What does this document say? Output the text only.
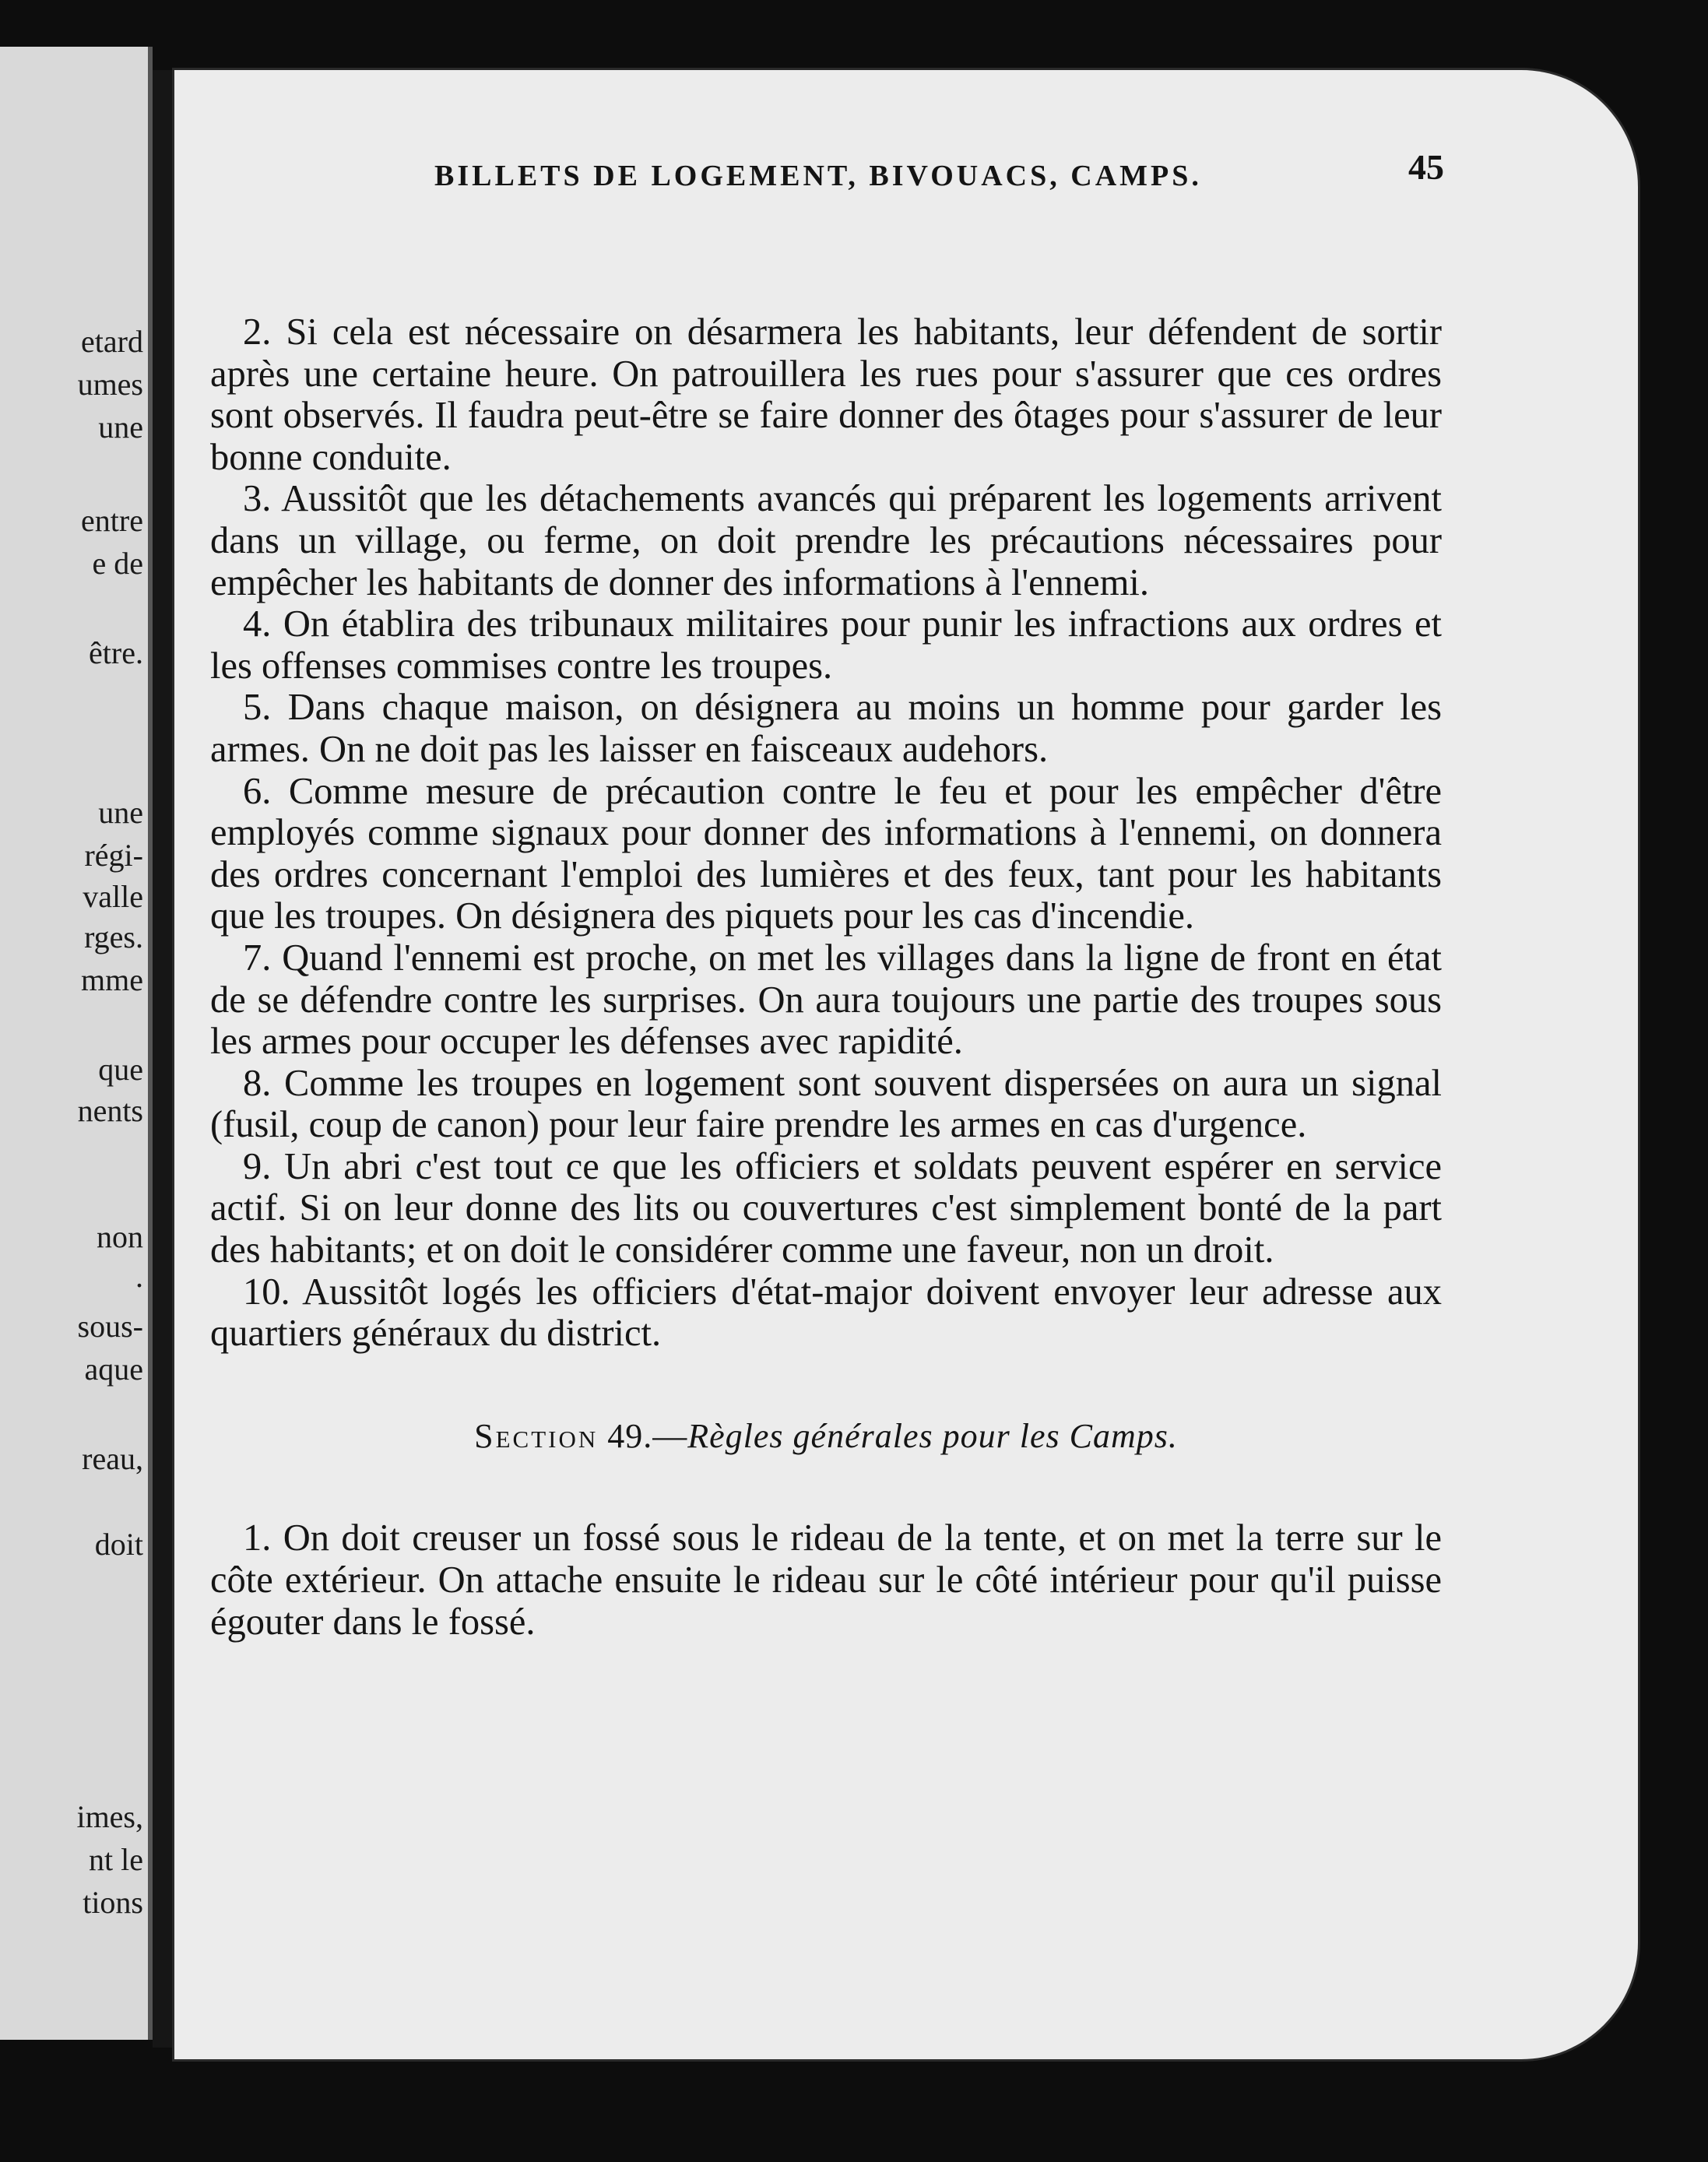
etard
umes
une
entre
e de
être.
une
régi-
valle
rges.
mme
que
nents
non
.
sous-
aque
reau,
doit
imes,
nt le
tions
BILLETS DE LOGEMENT, BIVOUACS, CAMPS.	45

2. Si cela est nécessaire on désarmera les habitants, leur défendent de sortir après une certaine heure. On patrouillera les rues pour s'assurer que ces ordres sont observés. Il faudra peut-être se faire donner des ôtages pour s'assurer de leur bonne conduite.

3. Aussitôt que les détachements avancés qui préparent les logements arrivent dans un village, ou ferme, on doit prendre les précautions nécessaires pour empêcher les habitants de donner des informations à l'ennemi.

4. On établira des tribunaux militaires pour punir les infractions aux ordres et les offenses commises contre les troupes.

5. Dans chaque maison, on désignera au moins un homme pour garder les armes. On ne doit pas les laisser en faisceaux audehors.

6. Comme mesure de précaution contre le feu et pour les empêcher d'être employés comme signaux pour donner des informations à l'ennemi, on donnera des ordres concernant l'emploi des lumières et des feux, tant pour les habitants que les troupes. On désignera des piquets pour les cas d'incendie.

7. Quand l'ennemi est proche, on met les villages dans la ligne de front en état de se défendre contre les surprises. On aura toujours une partie des troupes sous les armes pour occuper les défenses avec rapidité.

8. Comme les troupes en logement sont souvent dispersées on aura un signal (fusil, coup de canon) pour leur faire prendre les armes en cas d'urgence.

9. Un abri c'est tout ce que les officiers et soldats peuvent espérer en service actif. Si on leur donne des lits ou couvertures c'est simplement bonté de la part des habitants; et on doit le considérer comme une faveur, non un droit.

10. Aussitôt logés les officiers d'état-major doivent envoyer leur adresse aux quartiers généraux du district.

Section 49.—Règles générales pour les Camps.

1. On doit creuser un fossé sous le rideau de la tente, et on met la terre sur le côte extérieur. On attache ensuite le rideau sur le côté intérieur pour qu'il puisse égouter dans le fossé.
